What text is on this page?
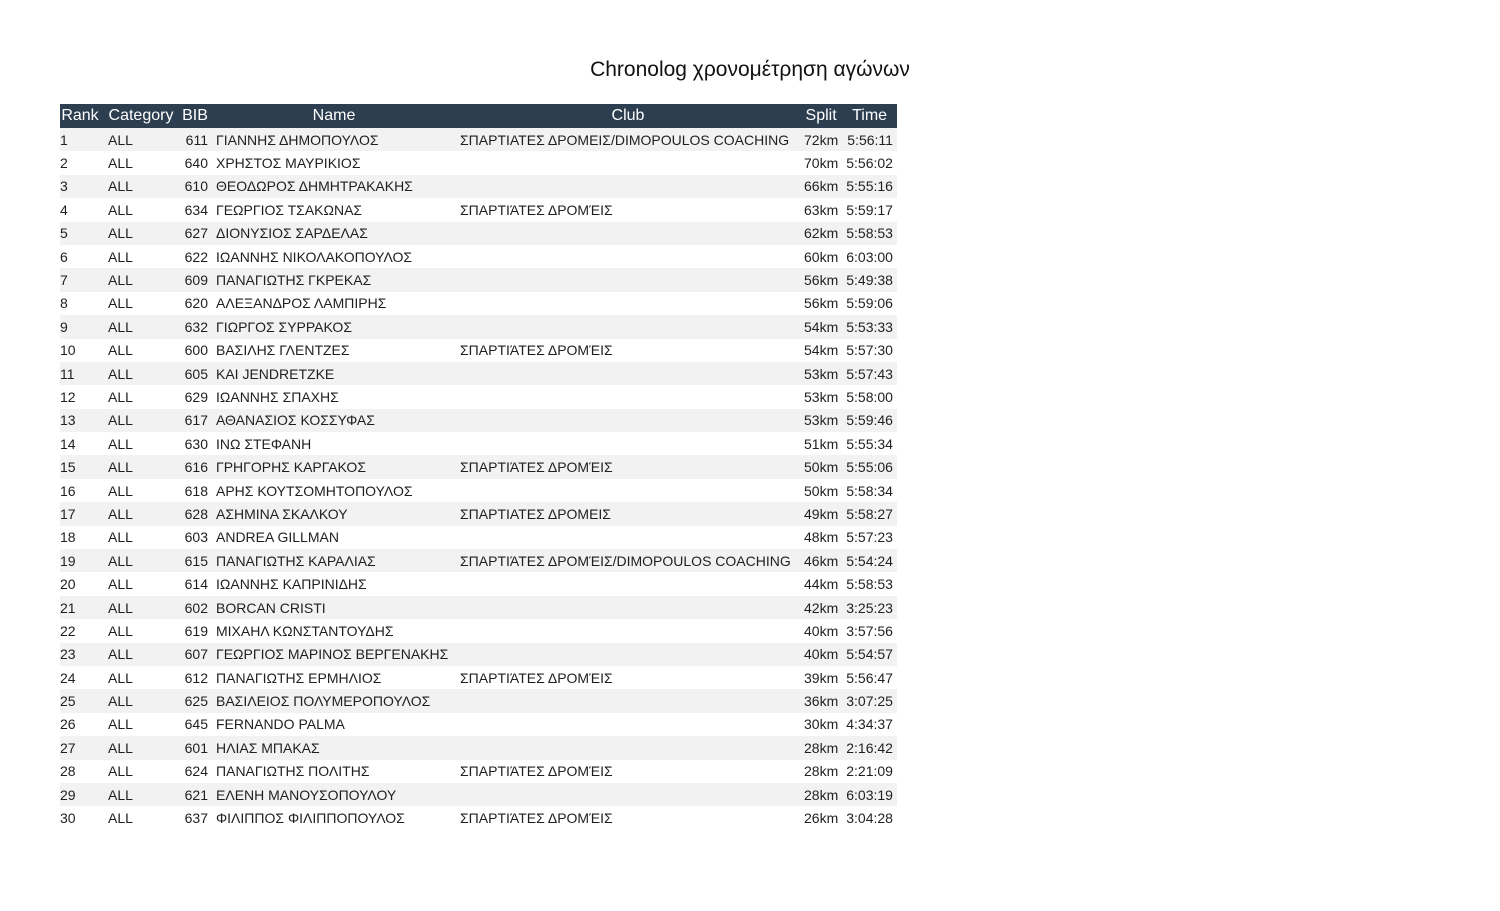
Chronolog χρονομέτρηση αγώνων
Rank	Category	BIB	Name	Club	Split	Time
1	ALL	611	ΓΙΑΝΝΗΣ ΔΗΜΟΠΟΥΛΟΣ	ΣΠΑΡΤΙΑΤΕΣ ΔΡΟΜΕΙΣ/DIMOPOULOS COACHING	72km	5:56:11
2	ALL	640	ΧΡΗΣΤΟΣ ΜΑΥΡΙΚΙΟΣ		70km	5:56:02
3	ALL	610	ΘΕΟΔΩΡΟΣ ΔΗΜΗΤΡΑΚΑΚΗΣ		66km	5:55:16
4	ALL	634	ΓΕΩΡΓΙΟΣ ΤΣΑΚΩΝΑΣ	ΣΠΑΡΤΙΆΤΕΣ ΔΡΟΜΈΙΣ	63km	5:59:17
5	ALL	627	ΔΙΟΝΥΣΙΟΣ ΣΑΡΔΕΛΑΣ		62km	5:58:53
6	ALL	622	ΙΩΑΝΝΗΣ ΝΙΚΟΛΑΚΟΠΟΥΛΟΣ		60km	6:03:00
7	ALL	609	ΠΑΝΑΓΙΩΤΗΣ ΓΚΡΕΚΑΣ		56km	5:49:38
8	ALL	620	ΑΛΕΞΑΝΔΡΟΣ ΛΑΜΠΙΡΗΣ		56km	5:59:06
9	ALL	632	ΓΙΩΡΓΟΣ ΣΥΡΡΑΚΟΣ		54km	5:53:33
10	ALL	600	ΒΑΣΙΛΗΣ ΓΛΕΝΤΖΕΣ	ΣΠΑΡΤΙΆΤΕΣ ΔΡΟΜΈΙΣ	54km	5:57:30
11	ALL	605	KAI JENDRETZKE		53km	5:57:43
12	ALL	629	ΙΩΑΝΝΗΣ ΣΠΑΧΗΣ		53km	5:58:00
13	ALL	617	ΑΘΑΝΑΣΙΟΣ ΚΟΣΣΥΦΑΣ		53km	5:59:46
14	ALL	630	ΙΝΩ ΣΤΕΦΑΝΗ		51km	5:55:34
15	ALL	616	ΓΡΗΓΟΡΗΣ ΚΑΡΓΑΚΟΣ	ΣΠΑΡΤΙΆΤΕΣ ΔΡΟΜΈΙΣ	50km	5:55:06
16	ALL	618	ΑΡΗΣ ΚΟΥΤΣΟΜΗΤΟΠΟΥΛΟΣ		50km	5:58:34
17	ALL	628	ΑΣΗΜΙΝΑ ΣΚΑΛΚΟΥ	ΣΠΑΡΤΙΑΤΕΣ ΔΡΟΜΕΙΣ	49km	5:58:27
18	ALL	603	ANDREA GILLMAN		48km	5:57:23
19	ALL	615	ΠΑΝΑΓΙΩΤΗΣ ΚΑΡΑΛΙΑΣ	ΣΠΑΡΤΙΆΤΕΣ ΔΡΟΜΈΙΣ/DIMOPOULOS COACHING	46km	5:54:24
20	ALL	614	ΙΩΑΝΝΗΣ ΚΑΠΡΙΝΙΔΗΣ		44km	5:58:53
21	ALL	602	BORCAN CRISTI		42km	3:25:23
22	ALL	619	ΜΙΧΑΗΛ ΚΩΝΣΤΑΝΤΟΥΔΗΣ		40km	3:57:56
23	ALL	607	ΓΕΩΡΓΙΟΣ ΜΑΡΙΝΟΣ ΒΕΡΓΕΝΑΚΗΣ		40km	5:54:57
24	ALL	612	ΠΑΝΑΓΙΩΤΗΣ ΕΡΜΗΛΙΟΣ	ΣΠΑΡΤΙΆΤΕΣ ΔΡΟΜΈΙΣ	39km	5:56:47
25	ALL	625	ΒΑΣΙΛΕΙΟΣ ΠΟΛΥΜΕΡΟΠΟΥΛΟΣ		36km	3:07:25
26	ALL	645	FERNANDO PALMA		30km	4:34:37
27	ALL	601	ΗΛΙΑΣ ΜΠΑΚΑΣ		28km	2:16:42
28	ALL	624	ΠΑΝΑΓΙΩΤΗΣ ΠΟΛΙΤΗΣ	ΣΠΑΡΤΙΆΤΕΣ ΔΡΟΜΈΙΣ	28km	2:21:09
29	ALL	621	ΕΛΕΝΗ ΜΑΝΟΥΣΟΠΟΥΛΟΥ		28km	6:03:19
30	ALL	637	ΦΙΛΙΠΠΟΣ ΦΙΛΙΠΠΟΠΟΥΛΟΣ	ΣΠΑΡΤΙΆΤΕΣ ΔΡΟΜΈΙΣ	26km	3:04:28
